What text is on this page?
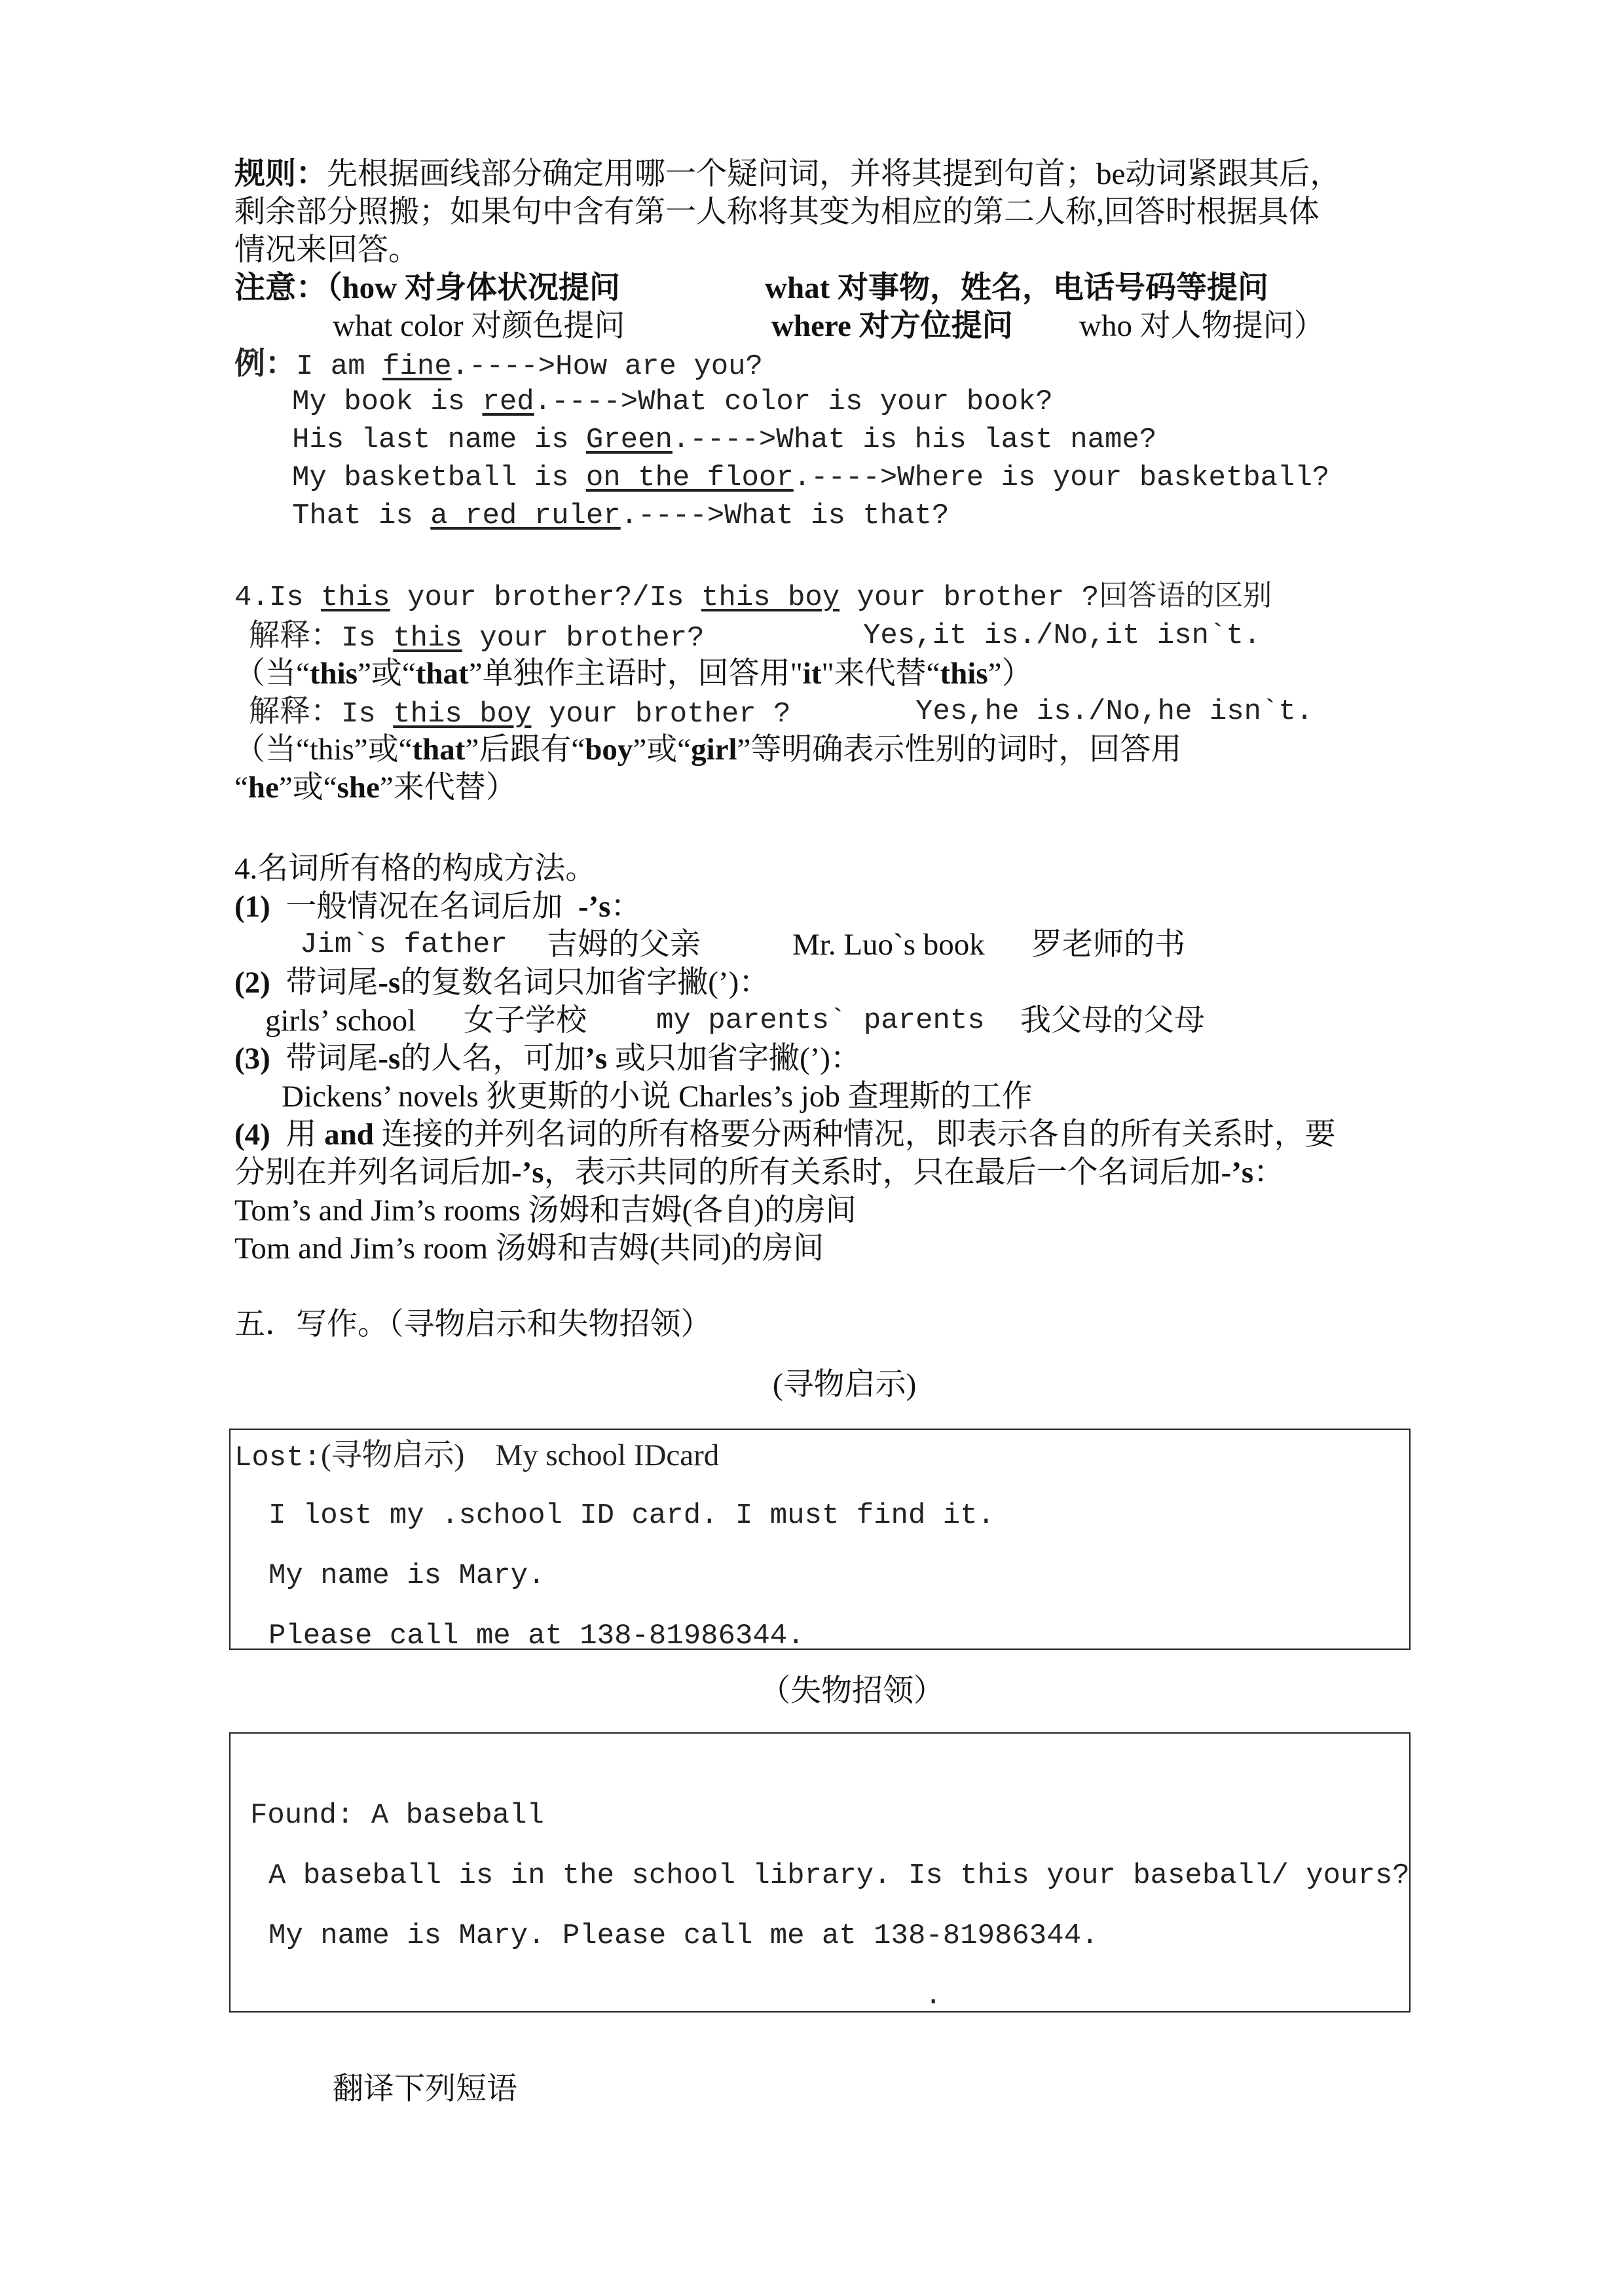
规则：先根据画线部分确定用哪一个疑问词，并将其提到句首；be动词紧跟其后，
剩余部分照搬；如果句中含有第一人称将其变为相应的第二人称,回答时根据具体
情况来回答。
注意：（how 对身体状况提问	what 对事物，姓名，电话号码等提问
what color 对颜色提问	where 对方位提问 who 对人物提问）
例：I am fine.---->How are you?
My book is red.---->What color is your book?
His last name is Green.---->What is his last name?
My basketball is on the floor.---->Where is your basketball?
That is a red ruler.---->What is that?
4.Is this your brother?/Is this boy your brother ?回答语的区别
解释：Is this your brother?	Yes,it is./No,it isn`t.
（当“this”或“that”单独作主语时，回答用"it"来代替“this”）
解释：Is this boy your brother ?	Yes,he is./No,he isn`t.
（当“this”或“that”后跟有“boy”或“girl”等明确表示性别的词时，回答用
“he”或“she”来代替）
4.名词所有格的构成方法。
(1) 一般情况在名词后加 -’s：
Jim`s father 吉姆的父亲	Mr. Luo`s book 罗老师的书
(2) 带词尾-s的复数名词只加省字撇(’)：
girls’ school 女子学校 my parents` parents 我父母的父母
(3) 带词尾-s的人名，可加’s 或只加省字撇(’)：
Dickens’ novels 狄更斯的小说 Charles’s job 查理斯的工作
(4) 用 and 连接的并列名词的所有格要分两种情况，即表示各自的所有关系时，要
分别在并列名词后加-’s，表示共同的所有关系时，只在最后一个名词后加-’s：
Tom’s and Jim’s rooms 汤姆和吉姆(各自)的房间
Tom and Jim’s room 汤姆和吉姆(共同)的房间
五．写作。（寻物启示和失物招领）
(寻物启示)
Lost:(寻物启示) My school IDcard
I lost my .school ID card. I must find it.
My name is Mary.
Please call me at 138-81986344.
（失物招领）
Found: A baseball
A baseball is in the school library. Is this your baseball/ yours?
My name is Mary. Please call me at 138-81986344.
.
翻译下列短语
